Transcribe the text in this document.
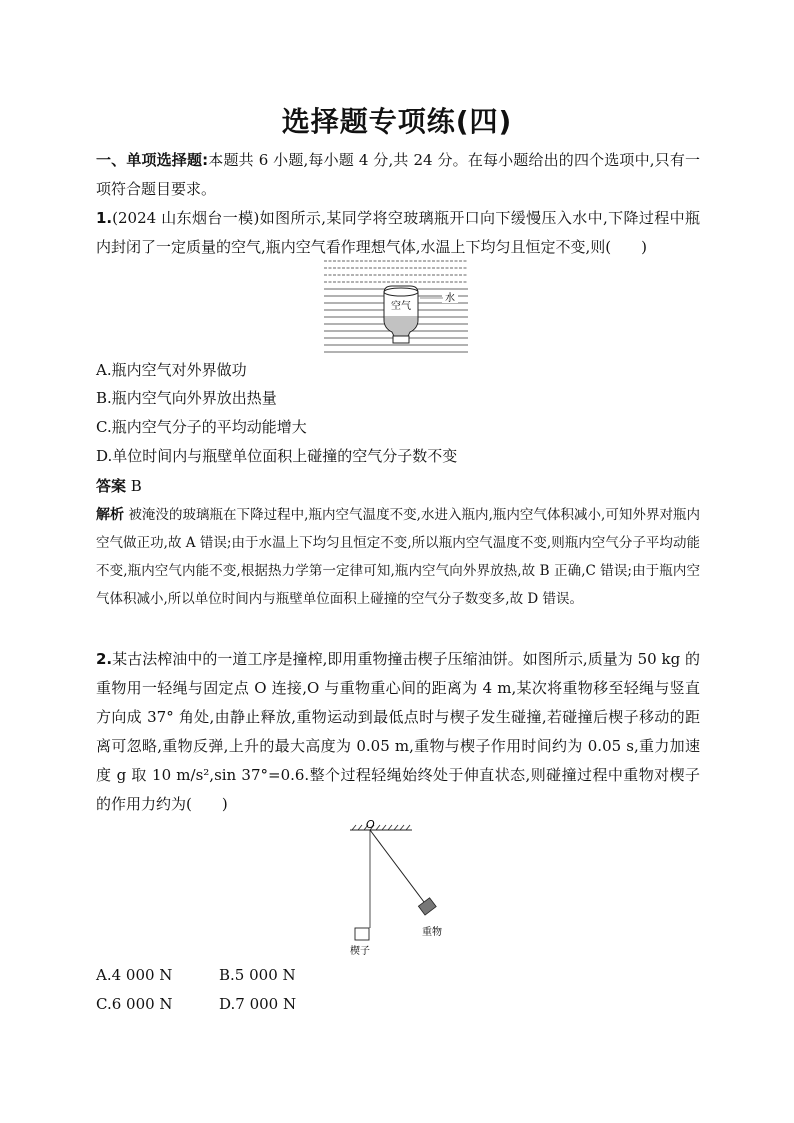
选择题专项练(四)
一、单项选择题:本题共 6 小题,每小题 4 分,共 24 分。在每小题给出的四个选项中,只有一项符合题目要求。
1.(2024 山东烟台一模)如图所示,某同学将空玻璃瓶开口向下缓慢压入水中,下降过程中瓶内封闭了一定质量的空气,瓶内空气看作理想气体,水温上下均匀且恒定不变,则(　　)
空气
水
A.瓶内空气对外界做功
B.瓶内空气向外界放出热量
C.瓶内空气分子的平均动能增大
D.单位时间内与瓶壁单位面积上碰撞的空气分子数不变
答案 B
解析 被淹没的玻璃瓶在下降过程中,瓶内空气温度不变,水进入瓶内,瓶内空气体积减小,可知外界对瓶内空气做正功,故 A 错误;由于水温上下均匀且恒定不变,所以瓶内空气温度不变,则瓶内空气分子平均动能不变,瓶内空气内能不变,根据热力学第一定律可知,瓶内空气向外界放热,故 B 正确,C 错误;由于瓶内空气体积减小,所以单位时间内与瓶壁单位面积上碰撞的空气分子数变多,故 D 错误。
2.某古法榨油中的一道工序是撞榨,即用重物撞击楔子压缩油饼。如图所示,质量为 50 kg 的重物用一轻绳与固定点 O 连接,O 与重物重心间的距离为 4 m,某次将重物移至轻绳与竖直方向成 37° 角处,由静止释放,重物运动到最低点时与楔子发生碰撞,若碰撞后楔子移动的距离可忽略,重物反弹,上升的最大高度为 0.05 m,重物与楔子作用时间约为 0.05 s,重力加速度 g 取 10 m/s²,sin 37°=0.6.整个过程轻绳始终处于伸直状态,则碰撞过程中重物对楔子的作用力约为(　　)
O
重物
楔子
A.4 000 N	B.5 000 N
C.6 000 N	D.7 000 N
